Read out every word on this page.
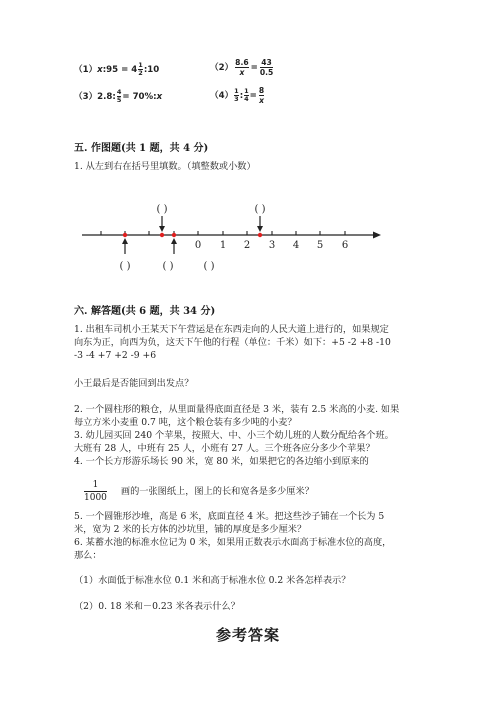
（1）x:95 = $4 \frac{1}{2}$ :10	$(2) \frac{8.6}{x} = \frac{43}{0.5}$
（3）2.8: $\frac{4}{5}$ = 70%:x	$(4) \frac{1}{3}$ : $\frac{1}{4} = \frac{8}{x}$
五. 作图题(共 1 题，共 4 分)
1. 从左到右在括号里填数。（填整数或小数）
0 1 2 3 4 5 6
( )	( )
( )	( )	( )
六. 解答题(共 6 题，共 34 分)
1. 出租车司机小王某天下午营运是在东西走向的人民大道上进行的，如果规定
向东为正，向西为负，这天下午他的行程（单位：千米）如下：+5 -2 +8 -10
-3 -4 +7 +2 -9 +6
小王最后是否能回到出发点？
2. 一个圆柱形的粮仓，从里面量得底面直径是 3 米，装有 2.5 米高的小麦. 如果
每立方米小麦重 0.7 吨，这个粮仓装有多少吨的小麦？
3. 幼儿园买回 240 个苹果，按照大、中、小三个幼儿班的人数分配给各个班。
大班有 28 人，中班有 25 人，小班有 27 人。三个班各应分多少个苹果？
4. 一个长方形游乐场长 90 米，宽 80 米，如果把它的各边缩小到原来的
$\frac{1}{1000}$ 画的一张图纸上，图上的长和宽各是多少厘米？
5. 一个圆锥形沙堆，高是 6 米，底面直径 4 米。把这些沙子铺在一个长为 5
米，宽为 2 米的长方体的沙坑里，铺的厚度是多少厘米？
6. 某蓄水池的标准水位记为 0 米，如果用正数表示水面高于标准水位的高度，
那么：
（1）水面低于标准水位 0.1 米和高于标准水位 0.2 米各怎样表示？
（2）0. 18 米和－0.23 米各表示什么？
参考答案
